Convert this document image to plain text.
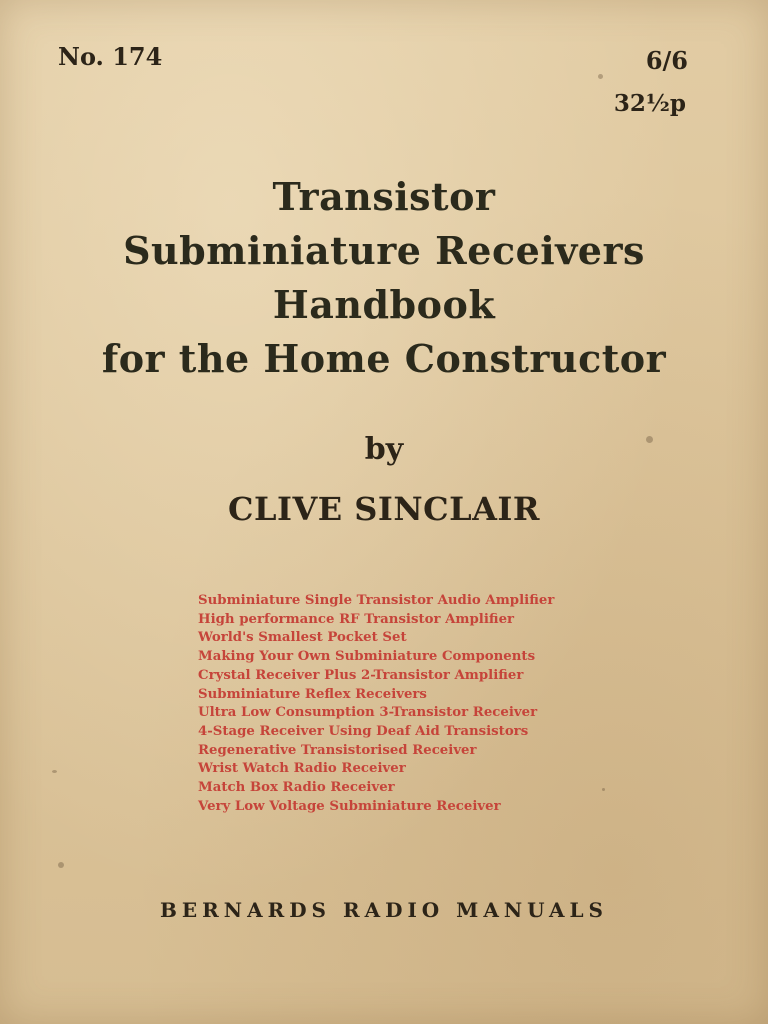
No. 174	6/6
32½p
Transistor
Subminiature Receivers
Handbook
for the Home Constructor
by
CLIVE SINCLAIR
Subminiature Single Transistor Audio Amplifier
High performance RF Transistor Amplifier
World's Smallest Pocket Set
Making Your Own Subminiature Components
Crystal Receiver Plus 2-Transistor Amplifier
Subminiature Reflex Receivers
Ultra Low Consumption 3-Transistor Receiver
4-Stage Receiver Using Deaf Aid Transistors
Regenerative Transistorised Receiver
Wrist Watch Radio Receiver
Match Box Radio Receiver
Very Low Voltage Subminiature Receiver
BERNARDS RADIO MANUALS
